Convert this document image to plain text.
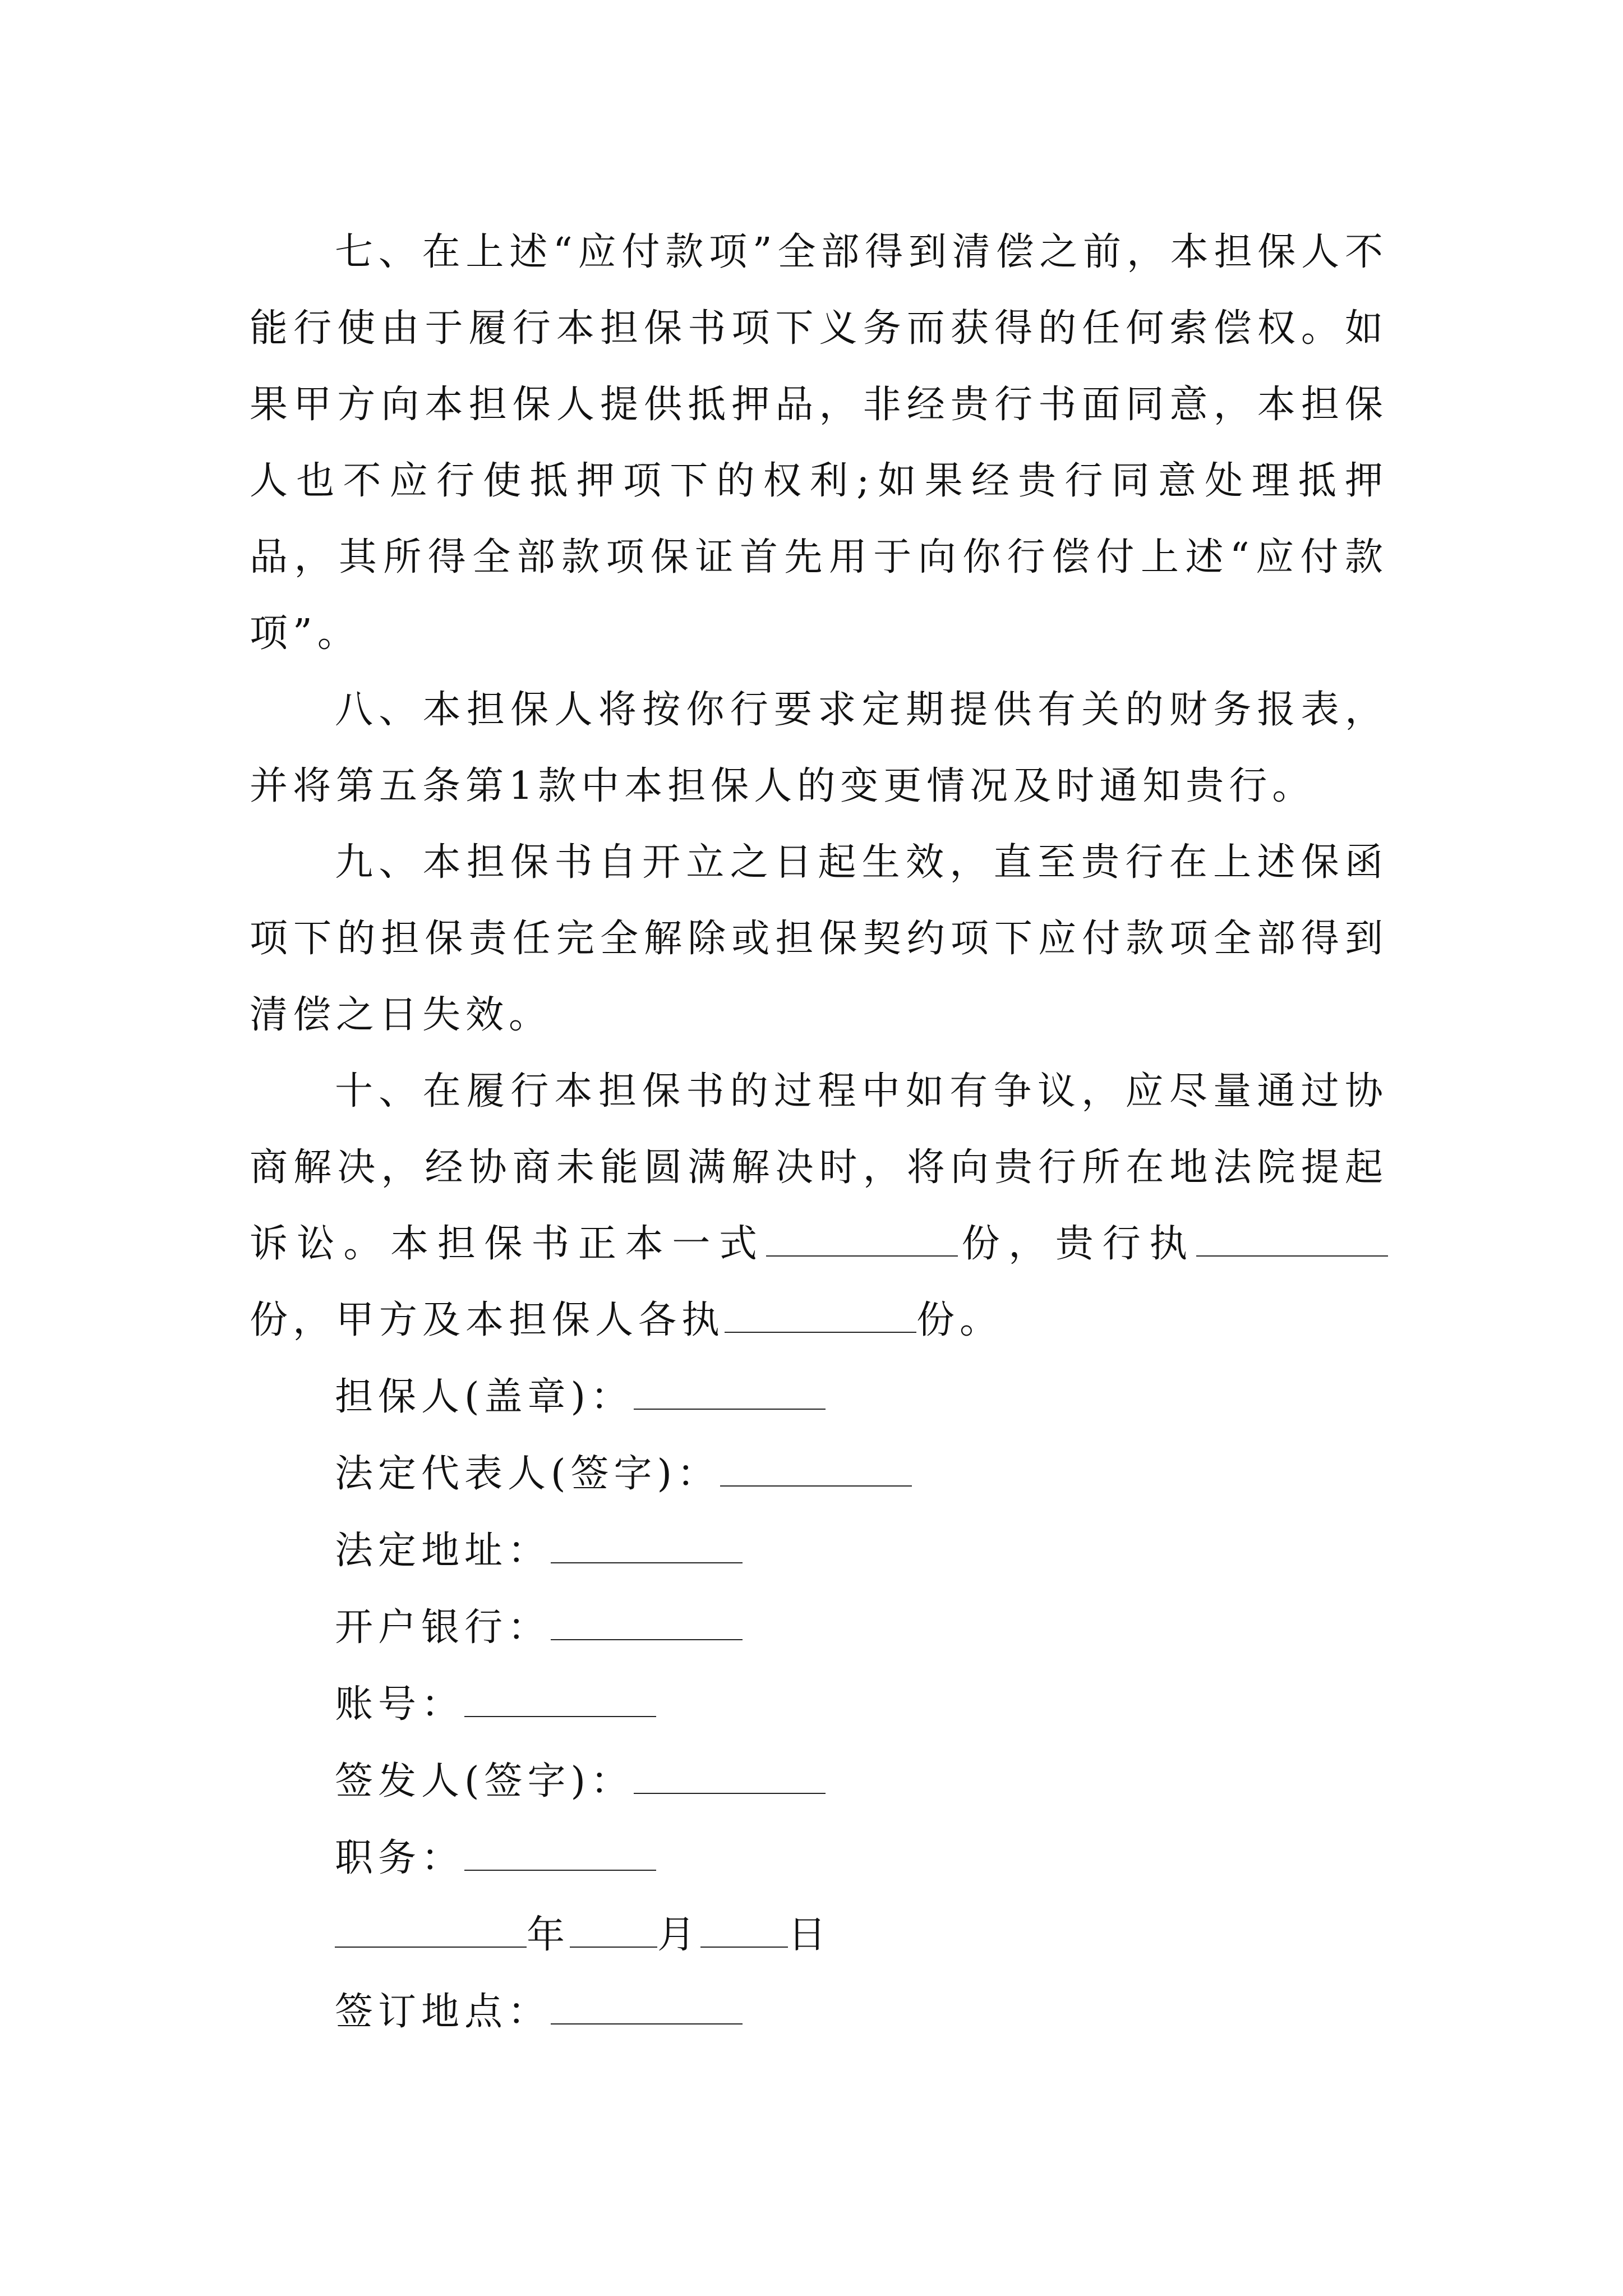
七、在上述“应付款项”全部得到清偿之前，本担保人不能行使由于履行本担保书项下义务而获得的任何索偿权。如果甲方向本担保人提供抵押品，非经贵行书面同意，本担保人也不应行使抵押项下的权利;如果经贵行同意处理抵押品，其所得全部款项保证首先用于向你行偿付上述“应付款项”。

八、本担保人将按你行要求定期提供有关的财务报表，并将第五条第1款中本担保人的变更情况及时通知贵行。

九、本担保书自开立之日起生效，直至贵行在上述保函项下的担保责任完全解除或担保契约项下应付款项全部得到清偿之日失效。

十、在履行本担保书的过程中如有争议，应尽量通过协商解决，经协商未能圆满解决时，将向贵行所在地法院提起诉讼。本担保书正本一式	份，贵行执份，甲方及本担保人各执	份。

担保人(盖章)：

法定代表人(签字)：

法定地址：

开户银行：

账号：

签发人(签字)：

职务：

年 月 日

签订地点：
